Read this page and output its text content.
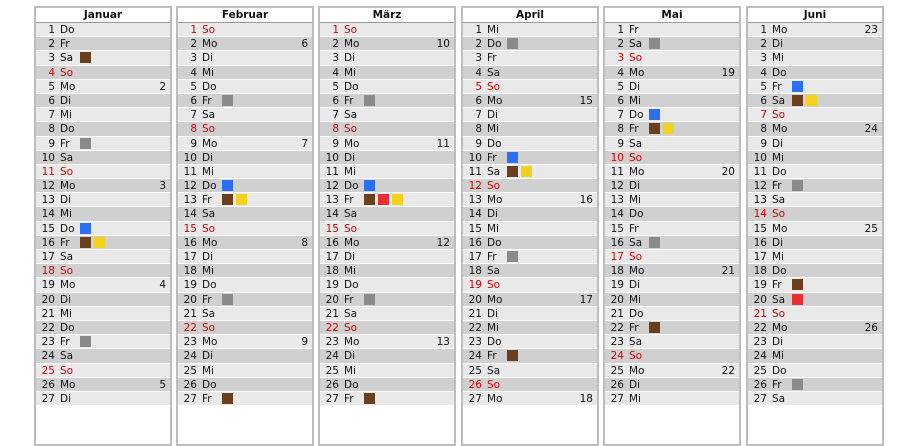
Januar
1 Do
2 Fr
3 Sa
4 So
5 Mo	2
6 Di
7 Mi
8 Do
9 Fr
10 Sa
11 So
12 Mo	3
13 Di
14 Mi
15 Do
16 Fr
17 Sa
18 So
19 Mo	4
20 Di
21 Mi
22 Do
23 Fr
24 Sa
25 So
26 Mo	5
27 Di
Februar
1 So
2 Mo	6
3 Di
4 Mi
5 Do
6 Fr
7 Sa
8 So
9 Mo	7
10 Di
11 Mi
12 Do
13 Fr
14 Sa
15 So
16 Mo	8
17 Di
18 Mi
19 Do
20 Fr
21 Sa
22 So
23 Mo	9
24 Di
25 Mi
26 Do
27 Fr
März
1 So
2 Mo	10
3 Di
4 Mi
5 Do
6 Fr
7 Sa
8 So
9 Mo	11
10 Di
11 Mi
12 Do
13 Fr
14 Sa
15 So
16 Mo	12
17 Di
18 Mi
19 Do
20 Fr
21 Sa
22 So
23 Mo	13
24 Di
25 Mi
26 Do
27 Fr
April
1 Mi
2 Do
3 Fr
4 Sa
5 So
6 Mo	15
7 Di
8 Mi
9 Do
10 Fr
11 Sa
12 So
13 Mo	16
14 Di
15 Mi
16 Do
17 Fr
18 Sa
19 So
20 Mo	17
21 Di
22 Mi
23 Do
24 Fr
25 Sa
26 So
27 Mo	18
Mai
1 Fr
2 Sa
3 So
4 Mo	19
5 Di
6 Mi
7 Do
8 Fr
9 Sa
10 So
11 Mo	20
12 Di
13 Mi
14 Do
15 Fr
16 Sa
17 So
18 Mo	21
19 Di
20 Mi
21 Do
22 Fr
23 Sa
24 So
25 Mo	22
26 Di
27 Mi
Juni
1 Mo	23
2 Di
3 Mi
4 Do
5 Fr
6 Sa
7 So
8 Mo	24
9 Di
10 Mi
11 Do
12 Fr
13 Sa
14 So
15 Mo	25
16 Di
17 Mi
18 Do
19 Fr
20 Sa
21 So
22 Mo	26
23 Di
24 Mi
25 Do
26 Fr
27 Sa
